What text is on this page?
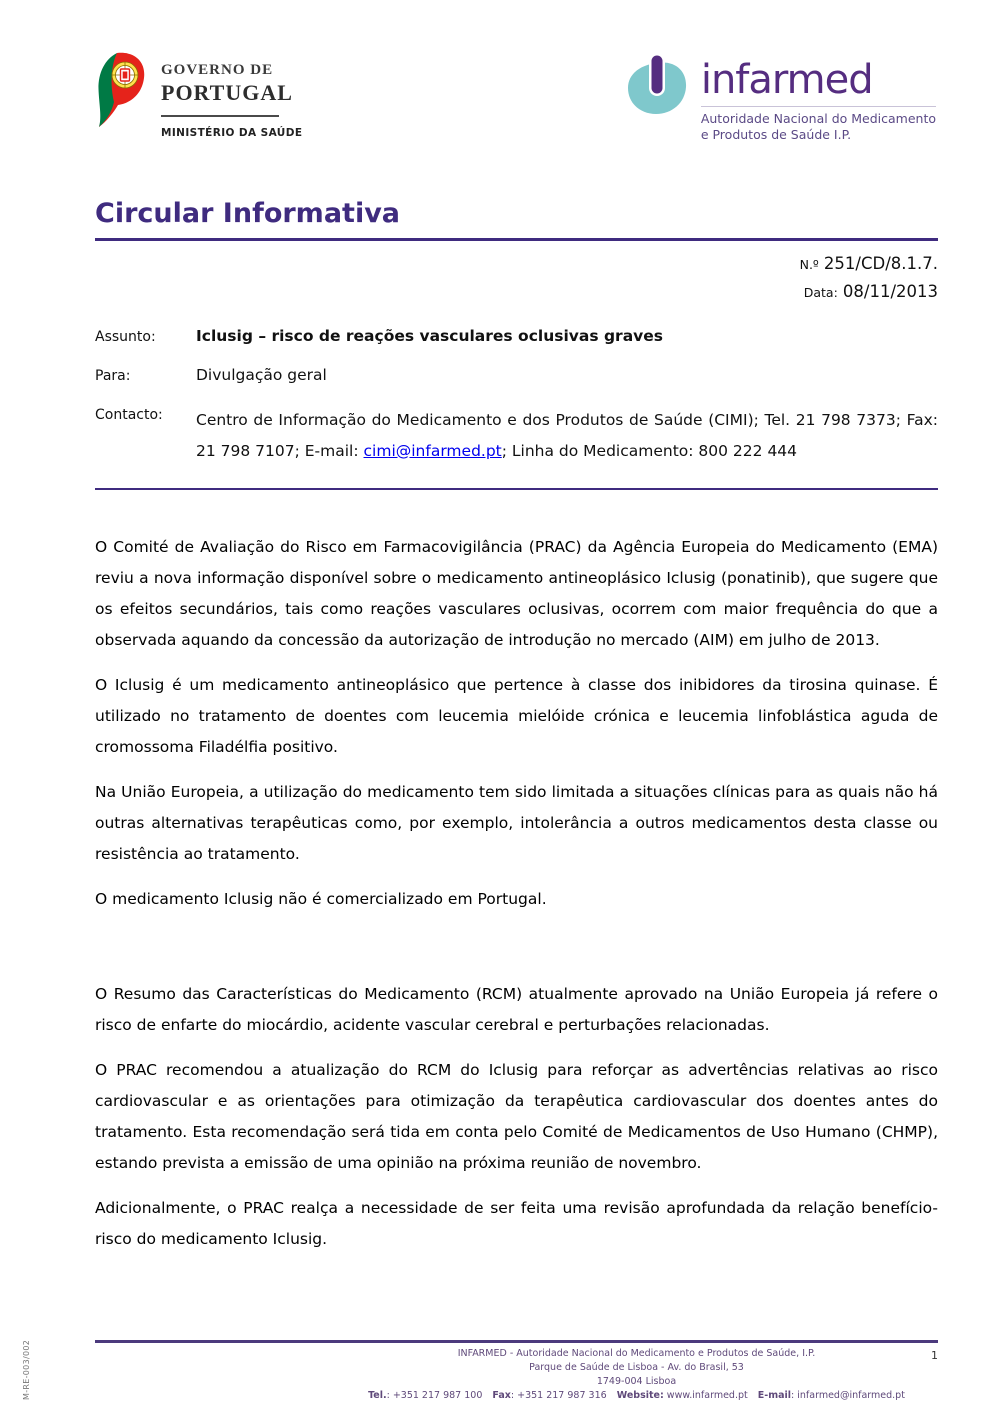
GOVERNO DE
PORTUGAL
MINISTÉRIO DA SAÚDE
infarmed
Autoridade Nacional do Medicamento
e Produtos de Saúde I.P.
Circular Informativa
N.º 251/CD/8.1.7.
Data: 08/11/2013
Assunto:	Iclusig – risco de reações vasculares oclusivas graves
Para:	Divulgação geral
Contacto:	Centro de Informação do Medicamento e dos Produtos de Saúde (CIMI); Tel. 21 798 7373; Fax: 21 798 7107; E-mail: cimi@infarmed.pt; Linha do Medicamento: 800 222 444

O Comité de Avaliação do Risco em Farmacovigilância (PRAC) da Agência Europeia do Medicamento (EMA) reviu a nova informação disponível sobre o medicamento antineoplásico Iclusig (ponatinib), que sugere que os efeitos secundários, tais como reações vasculares oclusivas, ocorrem com maior frequência do que a observada aquando da concessão da autorização de introdução no mercado (AIM) em julho de 2013.

O Iclusig é um medicamento antineoplásico que pertence à classe dos inibidores da tirosina quinase. É utilizado no tratamento de doentes com leucemia mielóide crónica e leucemia linfoblástica aguda de cromossoma Filadélfia positivo.

Na União Europeia, a utilização do medicamento tem sido limitada a situações clínicas para as quais não há outras alternativas terapêuticas como, por exemplo, intolerância a outros medicamentos desta classe ou resistência ao tratamento.

O medicamento Iclusig não é comercializado em Portugal.

O Resumo das Características do Medicamento (RCM) atualmente aprovado na União Europeia já refere o risco de enfarte do miocárdio, acidente vascular cerebral e perturbações relacionadas.

O PRAC recomendou a atualização do RCM do Iclusig para reforçar as advertências relativas ao risco cardiovascular e as orientações para otimização da terapêutica cardiovascular dos doentes antes do tratamento. Esta recomendação será tida em conta pelo Comité de Medicamentos de Uso Humano (CHMP), estando prevista a emissão de uma opinião na próxima reunião de novembro.

Adicionalmente, o PRAC realça a necessidade de ser feita uma revisão aprofundada da relação benefício-risco do medicamento Iclusig.

INFARMED - Autoridade Nacional do Medicamento e Produtos de Saúde, I.P.
Parque de Saúde de Lisboa - Av. do Brasil, 53
1749-004 Lisboa
Tel.: +351 217 987 100 Fax: +351 217 987 316 Website: www.infarmed.pt E-mail: infarmed@infarmed.pt
1
M-RE-003/002
